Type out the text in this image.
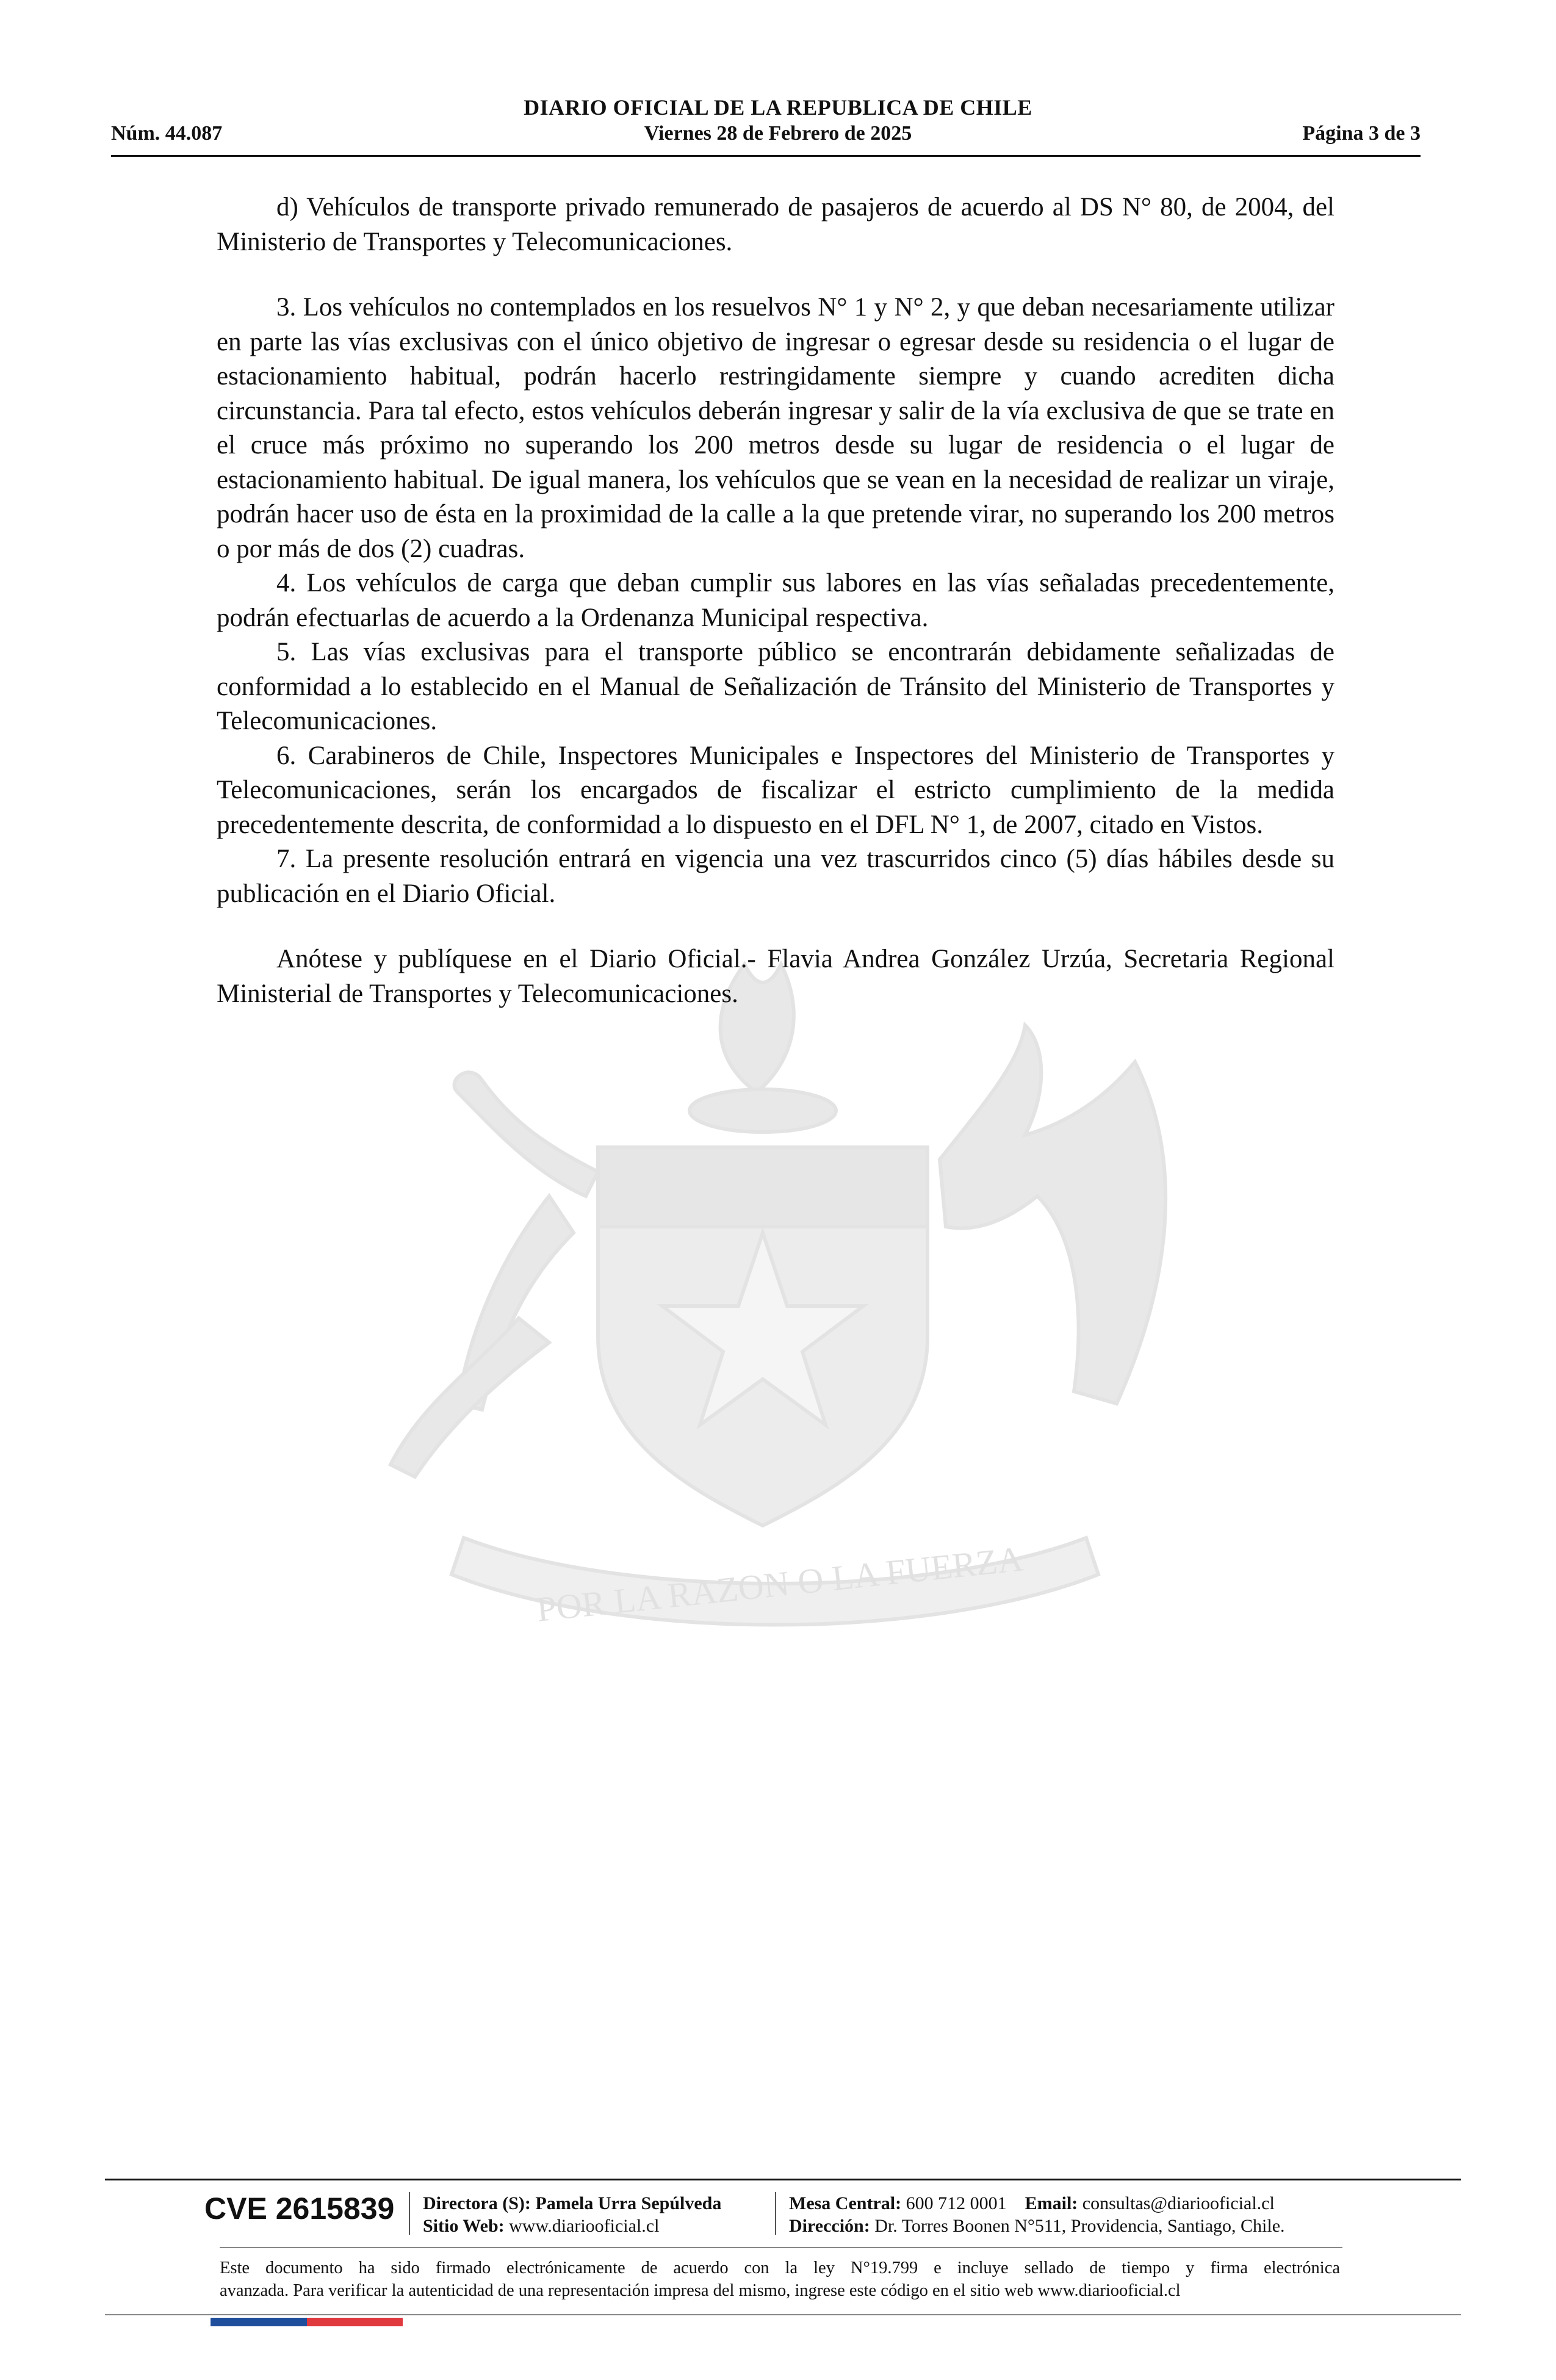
DIARIO OFICIAL DE LA REPUBLICA DE CHILE
Núm. 44.087	Viernes 28 de Febrero de 2025	Página 3 de 3
POR LA RAZON O LA FUERZA

d) Vehículos de transporte privado remunerado de pasajeros de acuerdo al DS N° 80, de 2004, del Ministerio de Transportes y Telecomunicaciones.

3. Los vehículos no contemplados en los resuelvos N° 1 y N° 2, y que deban necesariamente utilizar en parte las vías exclusivas con el único objetivo de ingresar o egresar desde su residencia o el lugar de estacionamiento habitual, podrán hacerlo restringidamente siempre y cuando acrediten dicha circunstancia. Para tal efecto, estos vehículos deberán ingresar y salir de la vía exclusiva de que se trate en el cruce más próximo no superando los 200 metros desde su lugar de residencia o el lugar de estacionamiento habitual. De igual manera, los vehículos que se vean en la necesidad de realizar un viraje, podrán hacer uso de ésta en la proximidad de la calle a la que pretende virar, no superando los 200 metros o por más de dos (2) cuadras.

4. Los vehículos de carga que deban cumplir sus labores en las vías señaladas precedentemente, podrán efectuarlas de acuerdo a la Ordenanza Municipal respectiva.

5. Las vías exclusivas para el transporte público se encontrarán debidamente señalizadas de conformidad a lo establecido en el Manual de Señalización de Tránsito del Ministerio de Transportes y Telecomunicaciones.

6. Carabineros de Chile, Inspectores Municipales e Inspectores del Ministerio de Transportes y Telecomunicaciones, serán los encargados de fiscalizar el estricto cumplimiento de la medida precedentemente descrita, de conformidad a lo dispuesto en el DFL N° 1, de 2007, citado en Vistos.

7. La presente resolución entrará en vigencia una vez trascurridos cinco (5) días hábiles desde su publicación en el Diario Oficial.

Anótese y publíquese en el Diario Oficial.- Flavia Andrea González Urzúa, Secretaria Regional Ministerial de Transportes y Telecomunicaciones.

CVE 2615839 Directora (S): Pamela Urra Sepúlveda
Sitio Web: www.diariooficial.cl
Mesa Central: 600 712 0001 Email: consultas@diariooficial.cl
Dirección: Dr. Torres Boonen N°511, Providencia, Santiago, Chile.
Este documento ha sido firmado electrónicamente de acuerdo con la ley N°19.799 e incluye sellado de tiempo y firma electrónica
avanzada. Para verificar la autenticidad de una representación impresa del mismo, ingrese este código en el sitio web www.diariooficial.cl
